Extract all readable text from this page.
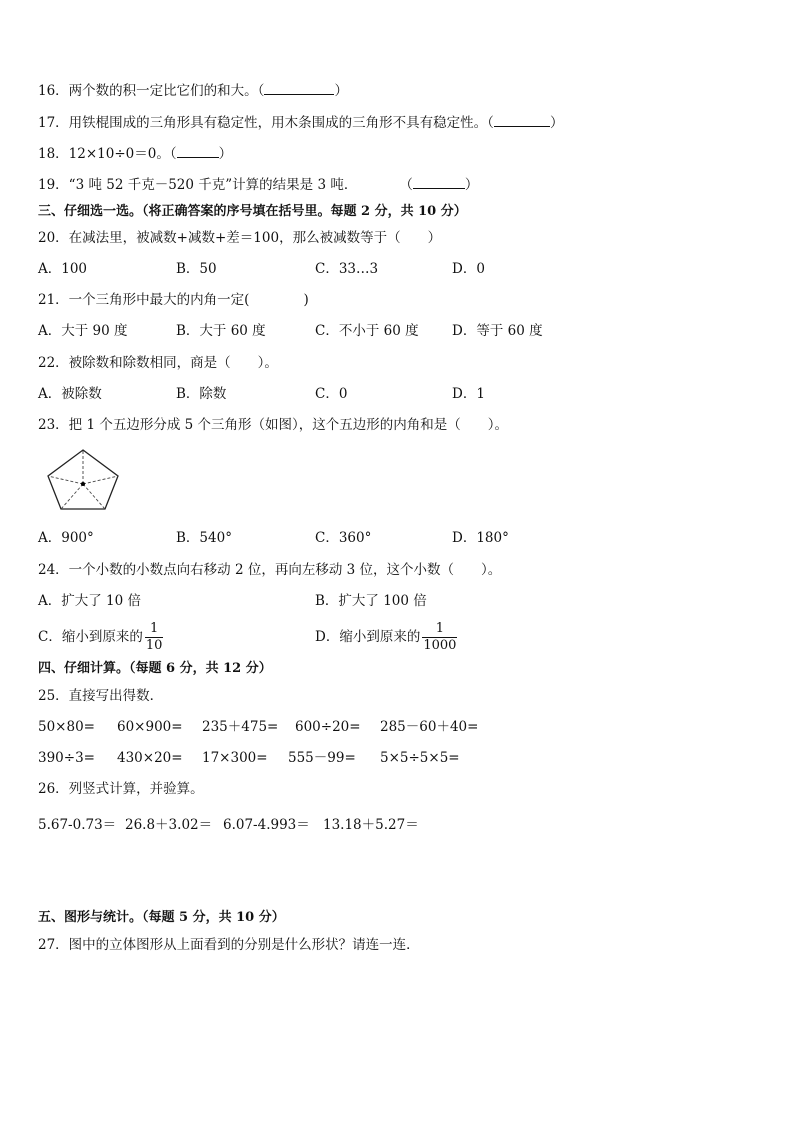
16．两个数的积一定比它们的和大。（	）
17．用铁棍围成的三角形具有稳定性，用木条围成的三角形不具有稳定性。（	）
18．12×10÷0＝0。（	）
19．“3 吨 52 千克－520 千克”计算的结果是 3 吨．	（	）
三、仔细选一选。（将正确答案的序号填在括号里。每题 2 分，共 10 分）
20．在减法里，被减数+减数+差＝100，那么被减数等于（　　）
A．100	B．50	C．33…3	D．0
21．一个三角形中最大的内角一定(　　　　)
A．大于 90 度	B．大于 60 度	C．不小于 60 度 D．等于 60 度
22．被除数和除数相同，商是（　　）。
A．被除数	B．除数	C．0	D．1
23．把 1 个五边形分成 5 个三角形（如图），这个五边形的内角和是（　　）。
A．900°	B．540°	C．360°	D．180°
24．一个小数的小数点向右移动 2 位，再向左移动 3 位，这个小数（　　）。
A．扩大了 10 倍	B．扩大了 100 倍
C．缩小到原来的 $\frac{1}{10}$	D．缩小到原来的 $\frac{1}{1000}$
四、仔细计算。（每题 6 分，共 12 分）
25．直接写出得数．
50×80= 60×900= 235＋475= 600÷20= 285－60＋40=
390÷3= 430×20= 17×300= 555－99= 5×5÷5×5=
26．列竖式计算，并验算。
5.67-0.73＝ 26.8＋3.02＝ 6.07-4.993＝ 13.18＋5.27＝
五、图形与统计。（每题 5 分，共 10 分）
27．图中的立体图形从上面看到的分别是什么形状？请连一连．
